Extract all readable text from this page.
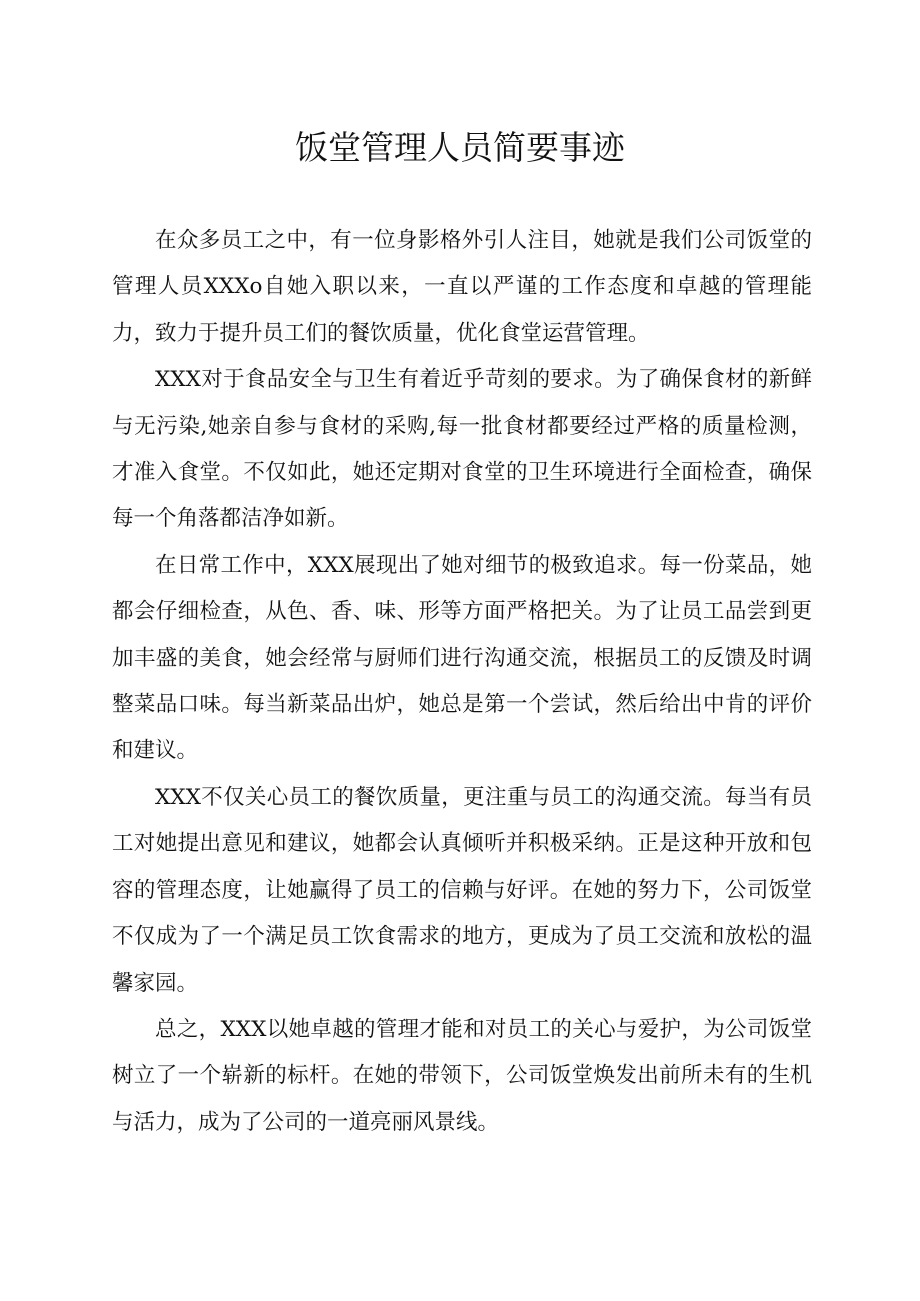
饭堂管理人员简要事迹

在众多员工之中，有一位身影格外引人注目，她就是我们公司饭堂的管理人员XXXo自她入职以来，一直以严谨的工作态度和卓越的管理能力，致力于提升员工们的餐饮质量，优化食堂运营管理。

XXX对于食品安全与卫生有着近乎苛刻的要求。为了确保食材的新鲜与无污染,她亲自参与食材的采购,每一批食材都要经过严格的质量检测，才准入食堂。不仅如此，她还定期对食堂的卫生环境进行全面检查，确保每一个角落都洁净如新。

在日常工作中，XXX展现出了她对细节的极致追求。每一份菜品，她都会仔细检查，从色、香、味、形等方面严格把关。为了让员工品尝到更加丰盛的美食，她会经常与厨师们进行沟通交流，根据员工的反馈及时调整菜品口味。每当新菜品出炉，她总是第一个尝试，然后给出中肯的评价和建议。

XXX不仅关心员工的餐饮质量，更注重与员工的沟通交流。每当有员工对她提出意见和建议，她都会认真倾听并积极采纳。正是这种开放和包容的管理态度，让她赢得了员工的信赖与好评。在她的努力下，公司饭堂不仅成为了一个满足员工饮食需求的地方，更成为了员工交流和放松的温馨家园。

总之，XXX以她卓越的管理才能和对员工的关心与爱护，为公司饭堂树立了一个崭新的标杆。在她的带领下，公司饭堂焕发出前所未有的生机与活力，成为了公司的一道亮丽风景线。
